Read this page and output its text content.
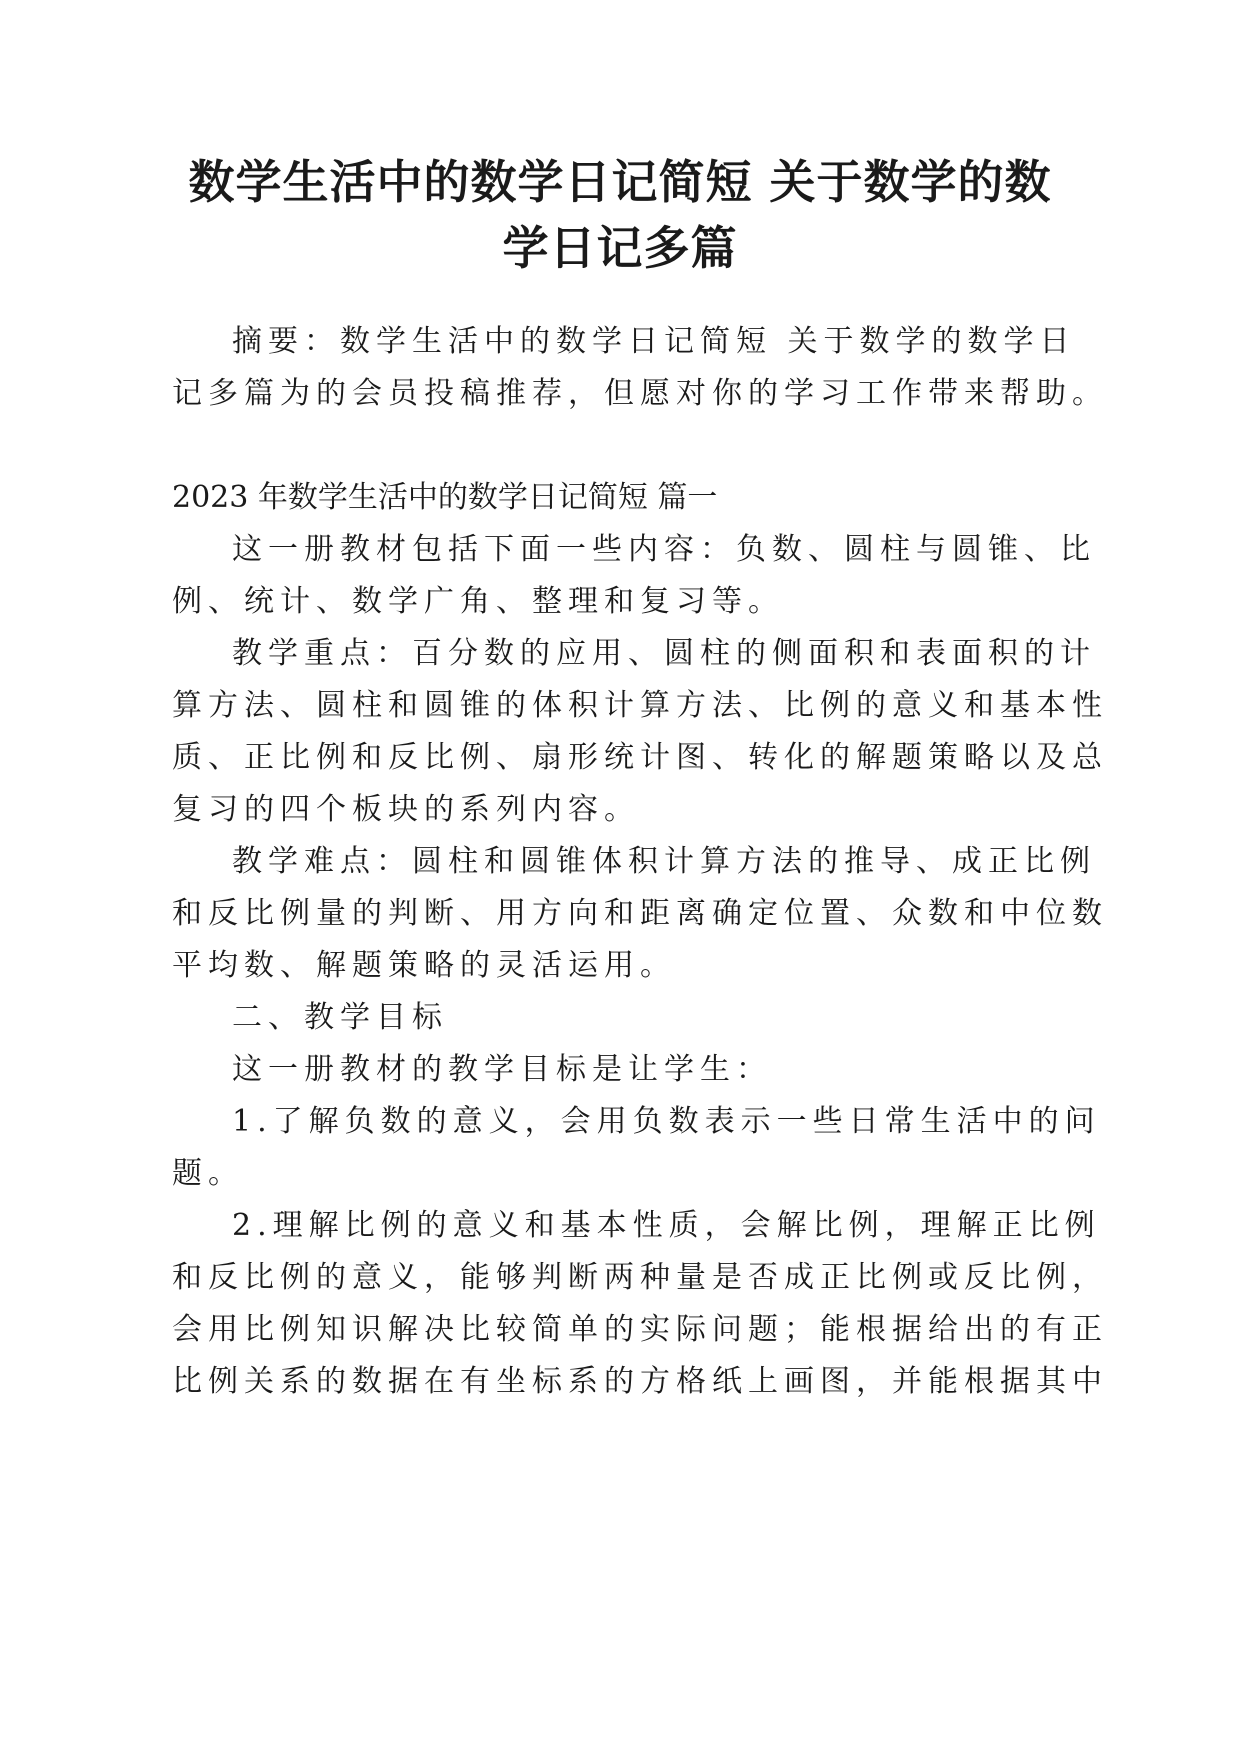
数学生活中的数学日记简短 关于数学的数
学日记多篇

摘要：数学生活中的数学日记简短 关于数学的数学日

记多篇为的会员投稿推荐，但愿对你的学习工作带来帮助。

2023 年数学生活中的数学日记简短 篇一

这一册教材包括下面一些内容：负数、圆柱与圆锥、比

例、统计、数学广角、整理和复习等。

教学重点：百分数的应用、圆柱的侧面积和表面积的计

算方法、圆柱和圆锥的体积计算方法、比例的意义和基本性

质、正比例和反比例、扇形统计图、转化的解题策略以及总

复习的四个板块的系列内容。

教学难点：圆柱和圆锥体积计算方法的推导、成正比例

和反比例量的判断、用方向和距离确定位置、众数和中位数

平均数、解题策略的灵活运用。

二、教学目标

这一册教材的教学目标是让学生：

1.了解负数的意义，会用负数表示一些日常生活中的问

题。

2.理解比例的意义和基本性质，会解比例，理解正比例

和反比例的意义，能够判断两种量是否成正比例或反比例，

会用比例知识解决比较简单的实际问题；能根据给出的有正

比例关系的数据在有坐标系的方格纸上画图，并能根据其中
